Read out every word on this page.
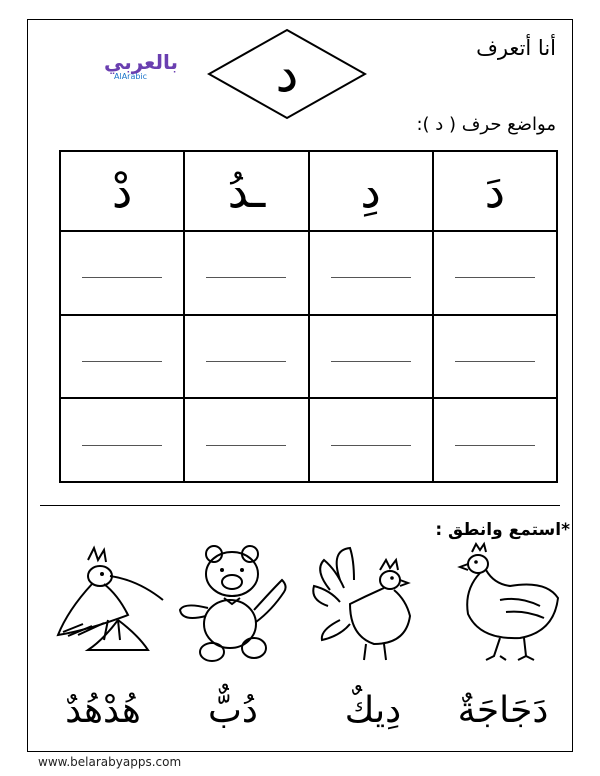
أنا أتعرف
بالعربي
AlArabic	د
مواضع حرف ( د ):
دَ	دِ	ـدُ	دْ

*استمع وانطق :
هُدْهُدٌ	دُبٌّ	دِيكٌ	دَجَاجَةٌ
www.belarabyapps.com
